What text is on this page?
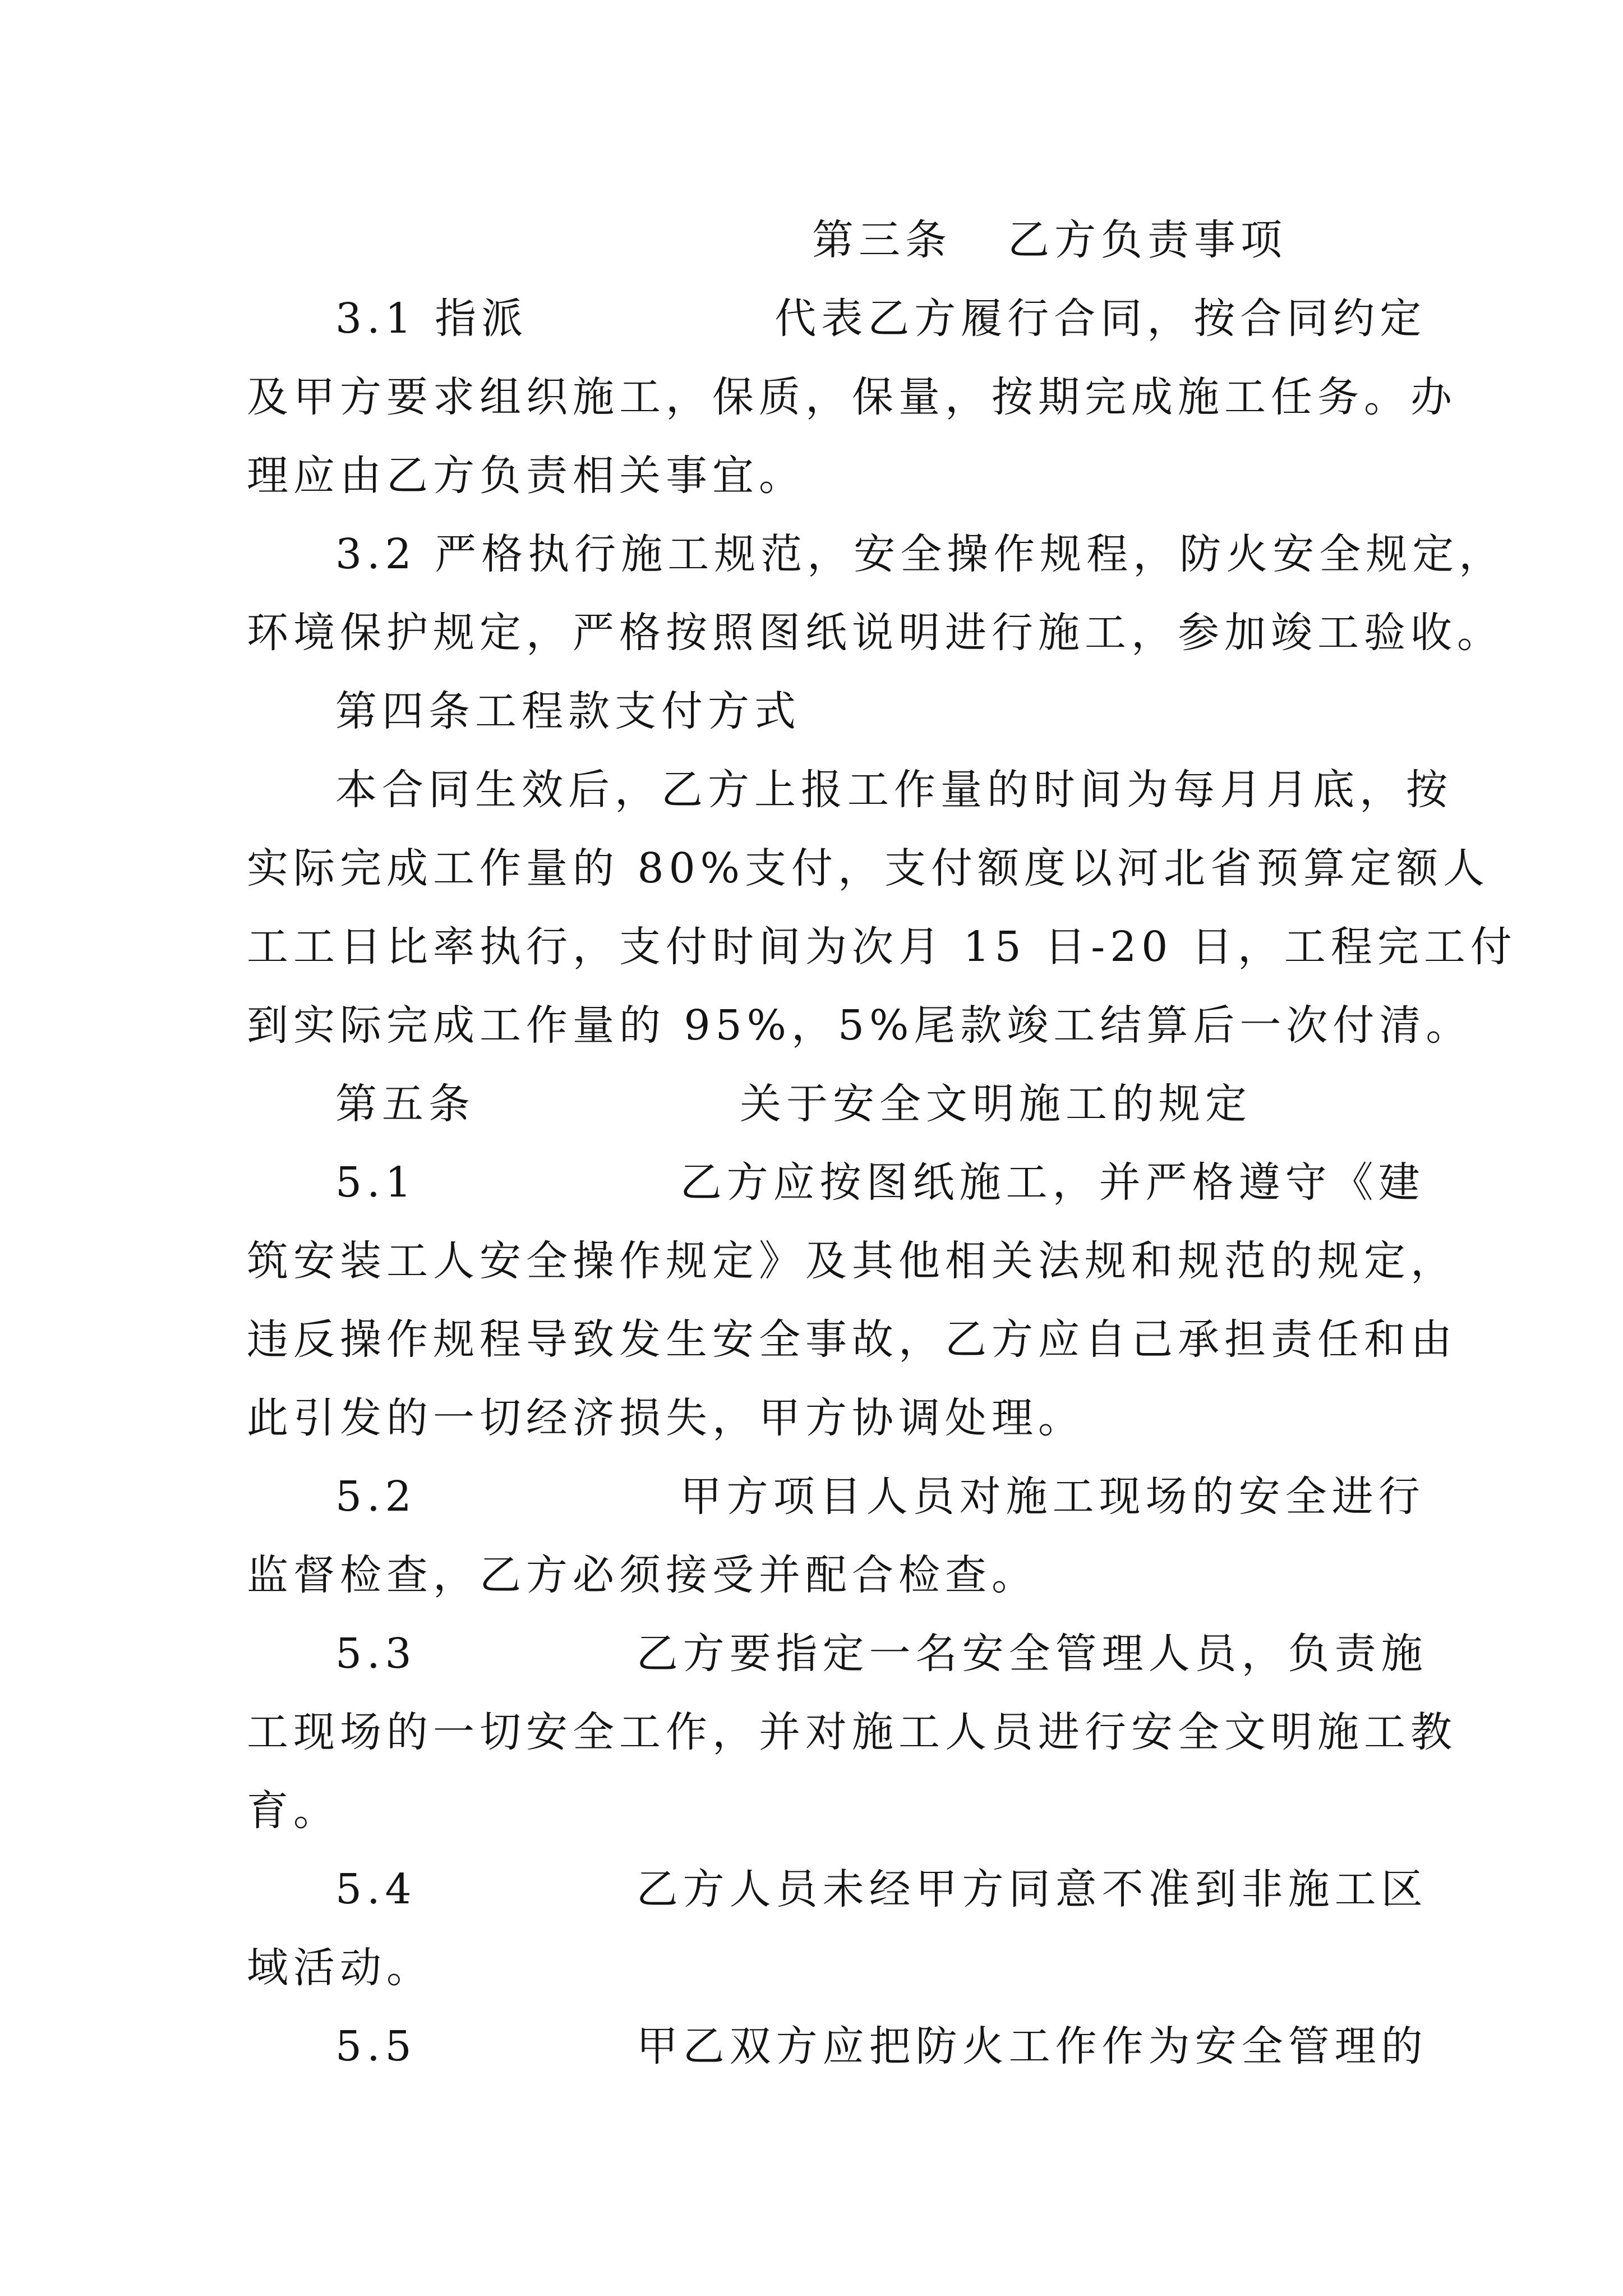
第三条 乙方负责事项
3.1 指派	代表乙方履行合同，按合同约定
及甲方要求组织施工，保质，保量，按期完成施工任务。办
理应由乙方负责相关事宜。
3.2 严格执行施工规范，安全操作规程，防火安全规定，
环境保护规定，严格按照图纸说明进行施工，参加竣工验收。
第四条工程款支付方式
本合同生效后，乙方上报工作量的时间为每月月底，按
实际完成工作量的 80%支付，支付额度以河北省预算定额人
工工日比率执行，支付时间为次月 15 日-20 日，工程完工付
到实际完成工作量的 95%，5%尾款竣工结算后一次付清。
第五条	关于安全文明施工的规定
5.1	乙方应按图纸施工，并严格遵守《建
筑安装工人安全操作规定》及其他相关法规和规范的规定，
违反操作规程导致发生安全事故，乙方应自己承担责任和由
此引发的一切经济损失，甲方协调处理。
5.2	甲方项目人员对施工现场的安全进行
监督检查，乙方必须接受并配合检查。
5.3	乙方要指定一名安全管理人员，负责施
工现场的一切安全工作，并对施工人员进行安全文明施工教
育。
5.4	乙方人员未经甲方同意不准到非施工区
域活动。
5.5	甲乙双方应把防火工作作为安全管理的
